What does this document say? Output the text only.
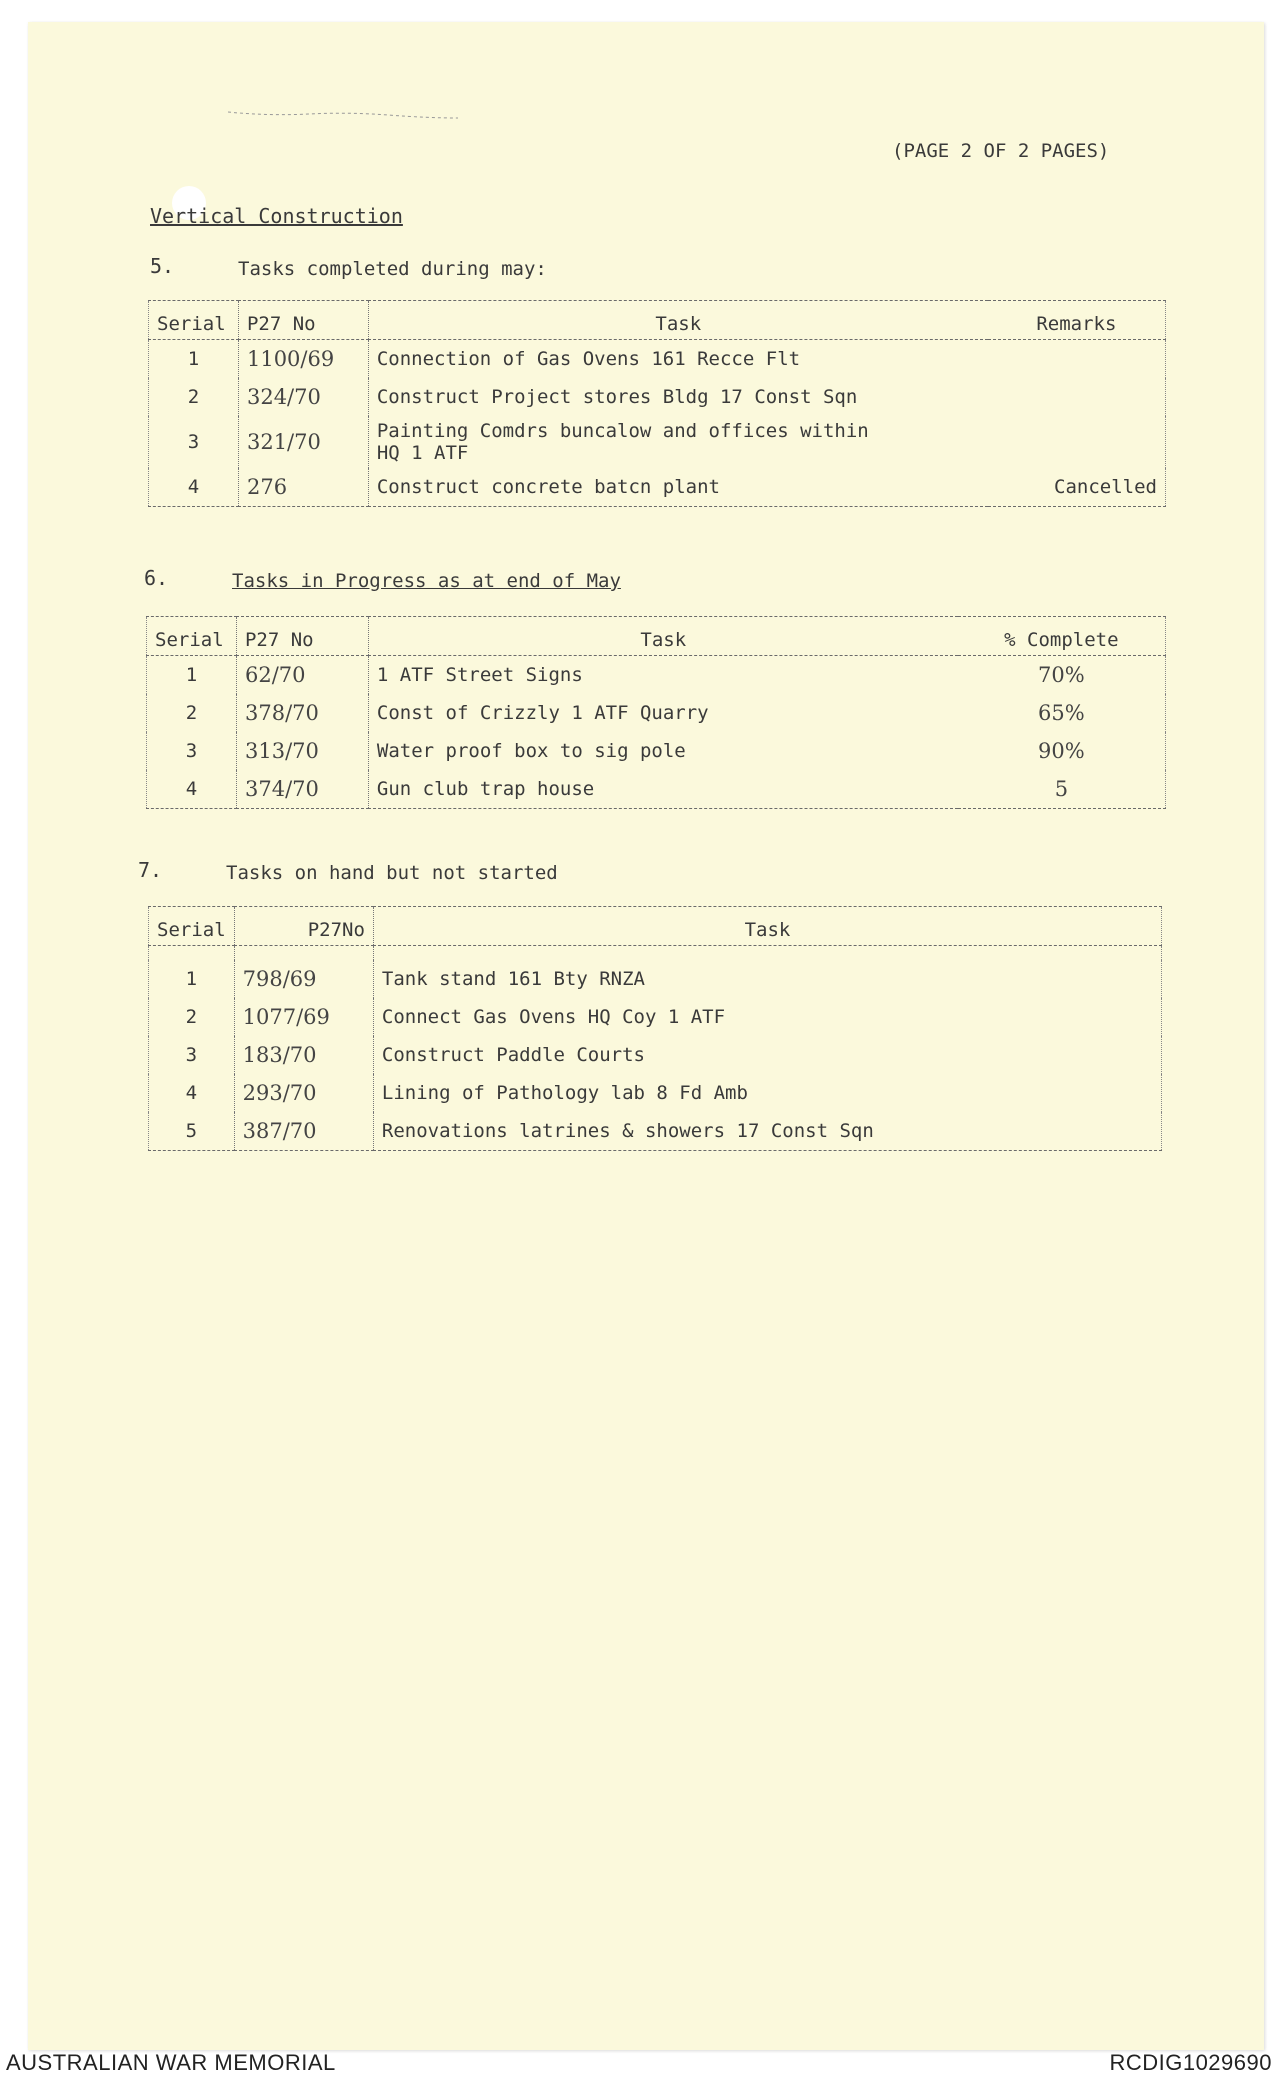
(PAGE 2 OF 2 PAGES)
Vertical Construction
5.	Tasks completed during may:
Serial	P27 No	Task	Remarks
1	1100/69	Connection of Gas Ovens 161 Recce Flt	
2	324/70	Construct Project stores Bldg 17 Const Sqn	
3	321/70	Painting Comdrs buncalow and offices within
HQ 1 ATF	

4	276	Construct concrete batcn plant	Cancelled
6.	Tasks in Progress as at end of May
Serial	P27 No	Task	% Complete
1	62/70	1 ATF Street Signs	70%
2	378/70	Const of Crizzly 1 ATF Quarry	65%
3	313/70	Water proof box to sig pole	90%
4	374/70	Gun club trap house	5
7.	Tasks on hand but not started
Serial	P27No	Task

1	798/69	Tank stand 161 Bty RNZA
2	1077/69	Connect Gas Ovens HQ Coy 1 ATF
3	183/70	Construct Paddle Courts
4	293/70	Lining of Pathology lab 8 Fd Amb
5	387/70	Renovations latrines & showers 17 Const Sqn
AUSTRALIAN WAR MEMORIAL	RCDIG1029690
